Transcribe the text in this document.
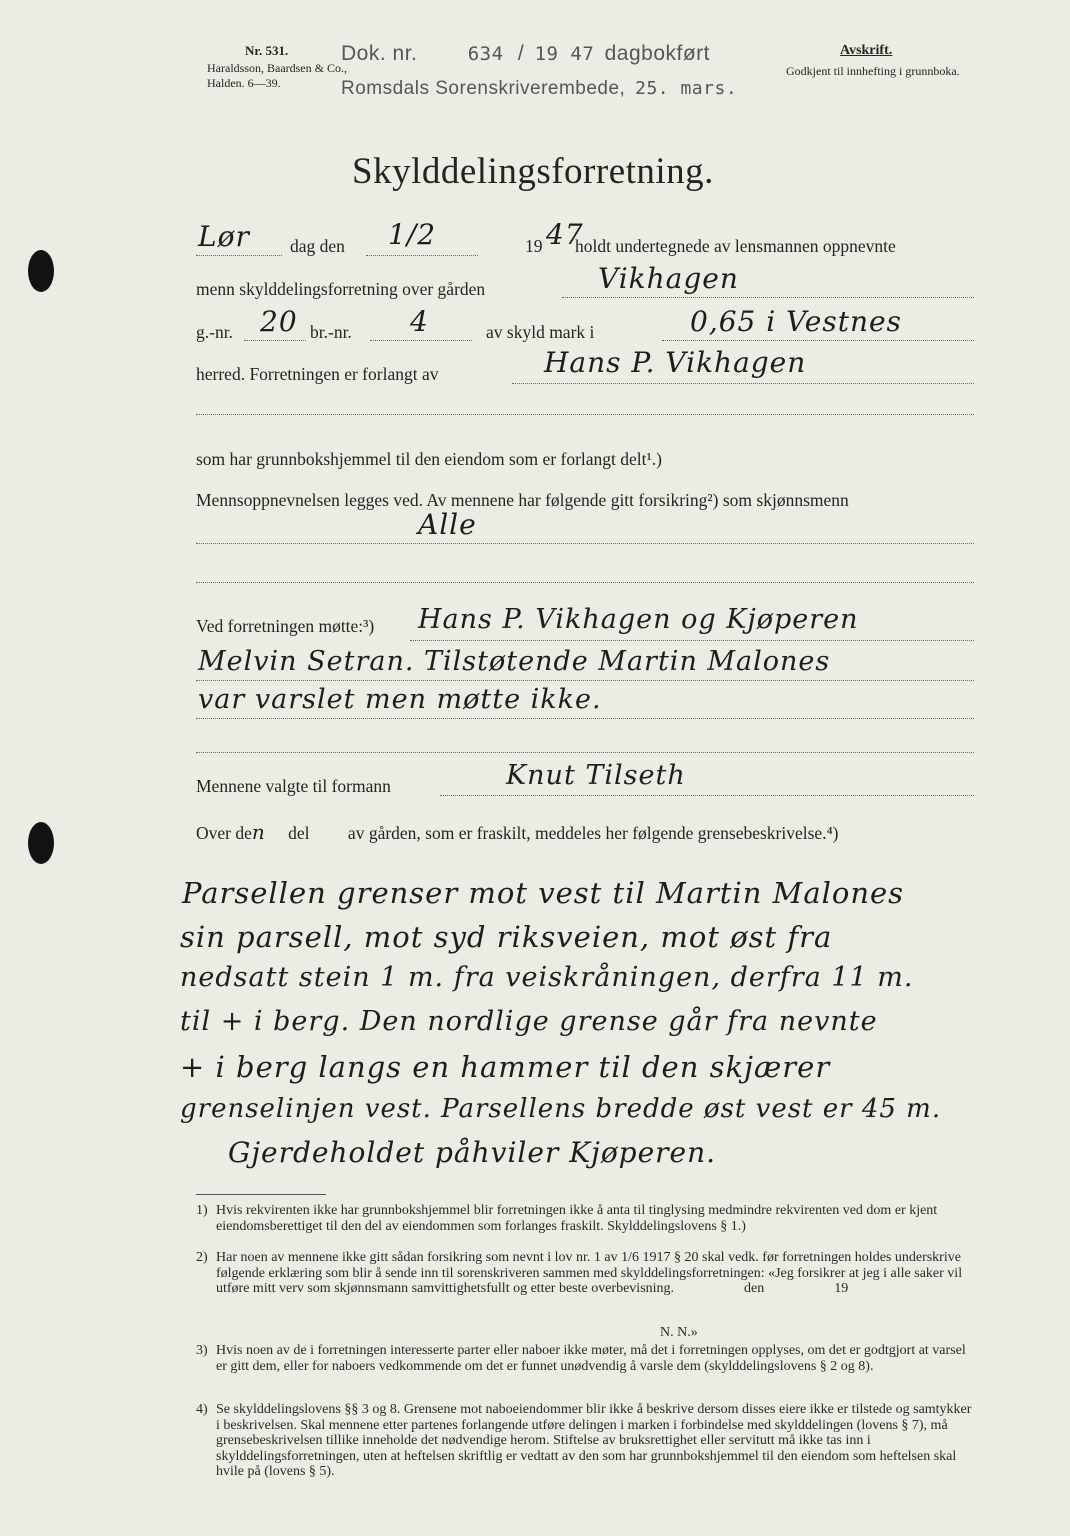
Nr. 531.
Haraldsson, Baardsen & Co.,
Halden. 6—39.
Dok. nr.	634 / 19 47 dagbokført
Romsdals Sorenskriverembede, 25. mars.
Avskrift.
Godkjent til innhefting i grunnboka.
Skylddelingsforretning.
Lør dag den 1/2	19 47
holdt undertegnede av lensmannen oppnevnte
menn skylddelingsforretning over gården	Vikhagen
g.-nr. 20 br.-nr. 4	av skyld mark i	0,65 i Vestnes
herred. Forretningen er forlangt av	Hans P. Vikhagen
som har grunnbokshjemmel til den eiendom som er forlangt delt¹.)
Mennsoppnevnelsen legges ved. Av mennene har følgende gitt forsikring²) som skjønnsmenn
Alle
Ved forretningen møtte:³) Hans P. Vikhagen og Kjøperen
Melvin Setran. Tilstøtende Martin Malones
var varslet men møtte ikke.
Mennene valgte til formann	Knut Tilseth
Over den del av gården, som er fraskilt, meddeles her følgende grensebeskrivelse.⁴)
Parsellen grenser mot vest til Martin Malones
sin parsell, mot syd riksveien, mot øst fra
nedsatt stein 1 m. fra veiskråningen, derfra 11 m.
til + i berg. Den nordlige grense går fra nevnte
+ i berg langs en hammer til den skjærer
grenselinjen vest. Parsellens bredde øst vest er 45 m.
Gjerdeholdet påhviler Kjøperen.
1) Hvis rekvirenten ikke har grunnbokshjemmel blir forretningen ikke å anta til tinglysing medmindre rekvirenten ved dom er kjent eiendomsberettiget til den del av eiendommen som forlanges fraskilt. Skylddelingslovens § 1.)
2) Har noen av mennene ikke gitt sådan forsikring som nevnt i lov nr. 1 av 1/6 1917 § 20 skal vedk. før forretningen holdes underskrive følgende erklæring som blir å sende inn til sorenskriveren sammen med skylddelingsforretningen: «Jeg forsikrer at jeg i alle saker vil utføre mitt verv som skjønnsmann samvittighetsfullt og etter beste overbevisning.                    den                    19
N. N.»
3) Hvis noen av de i forretningen interesserte parter eller naboer ikke møter, må det i forretningen opplyses, om det er godtgjort at varsel er gitt dem, eller for naboers vedkommende om det er funnet unødvendig å varsle dem (skylddelingslovens § 2 og 8).
4) Se skylddelingslovens §§ 3 og 8. Grensene mot naboeiendommer blir ikke å beskrive dersom disses eiere ikke er tilstede og samtykker i beskrivelsen. Skal mennene etter partenes forlangende utføre delingen i marken i forbindelse med skylddelingen (lovens § 7), må grensebeskrivelsen tillike inneholde det nødvendige herom. Stiftelse av bruksrettighet eller servitutt må ikke tas inn i skylddelingsforretningen, uten at heftelsen skriftlig er vedtatt av den som har grunnbokshjemmel til den eiendom som heftelsen skal hvile på (lovens § 5).
